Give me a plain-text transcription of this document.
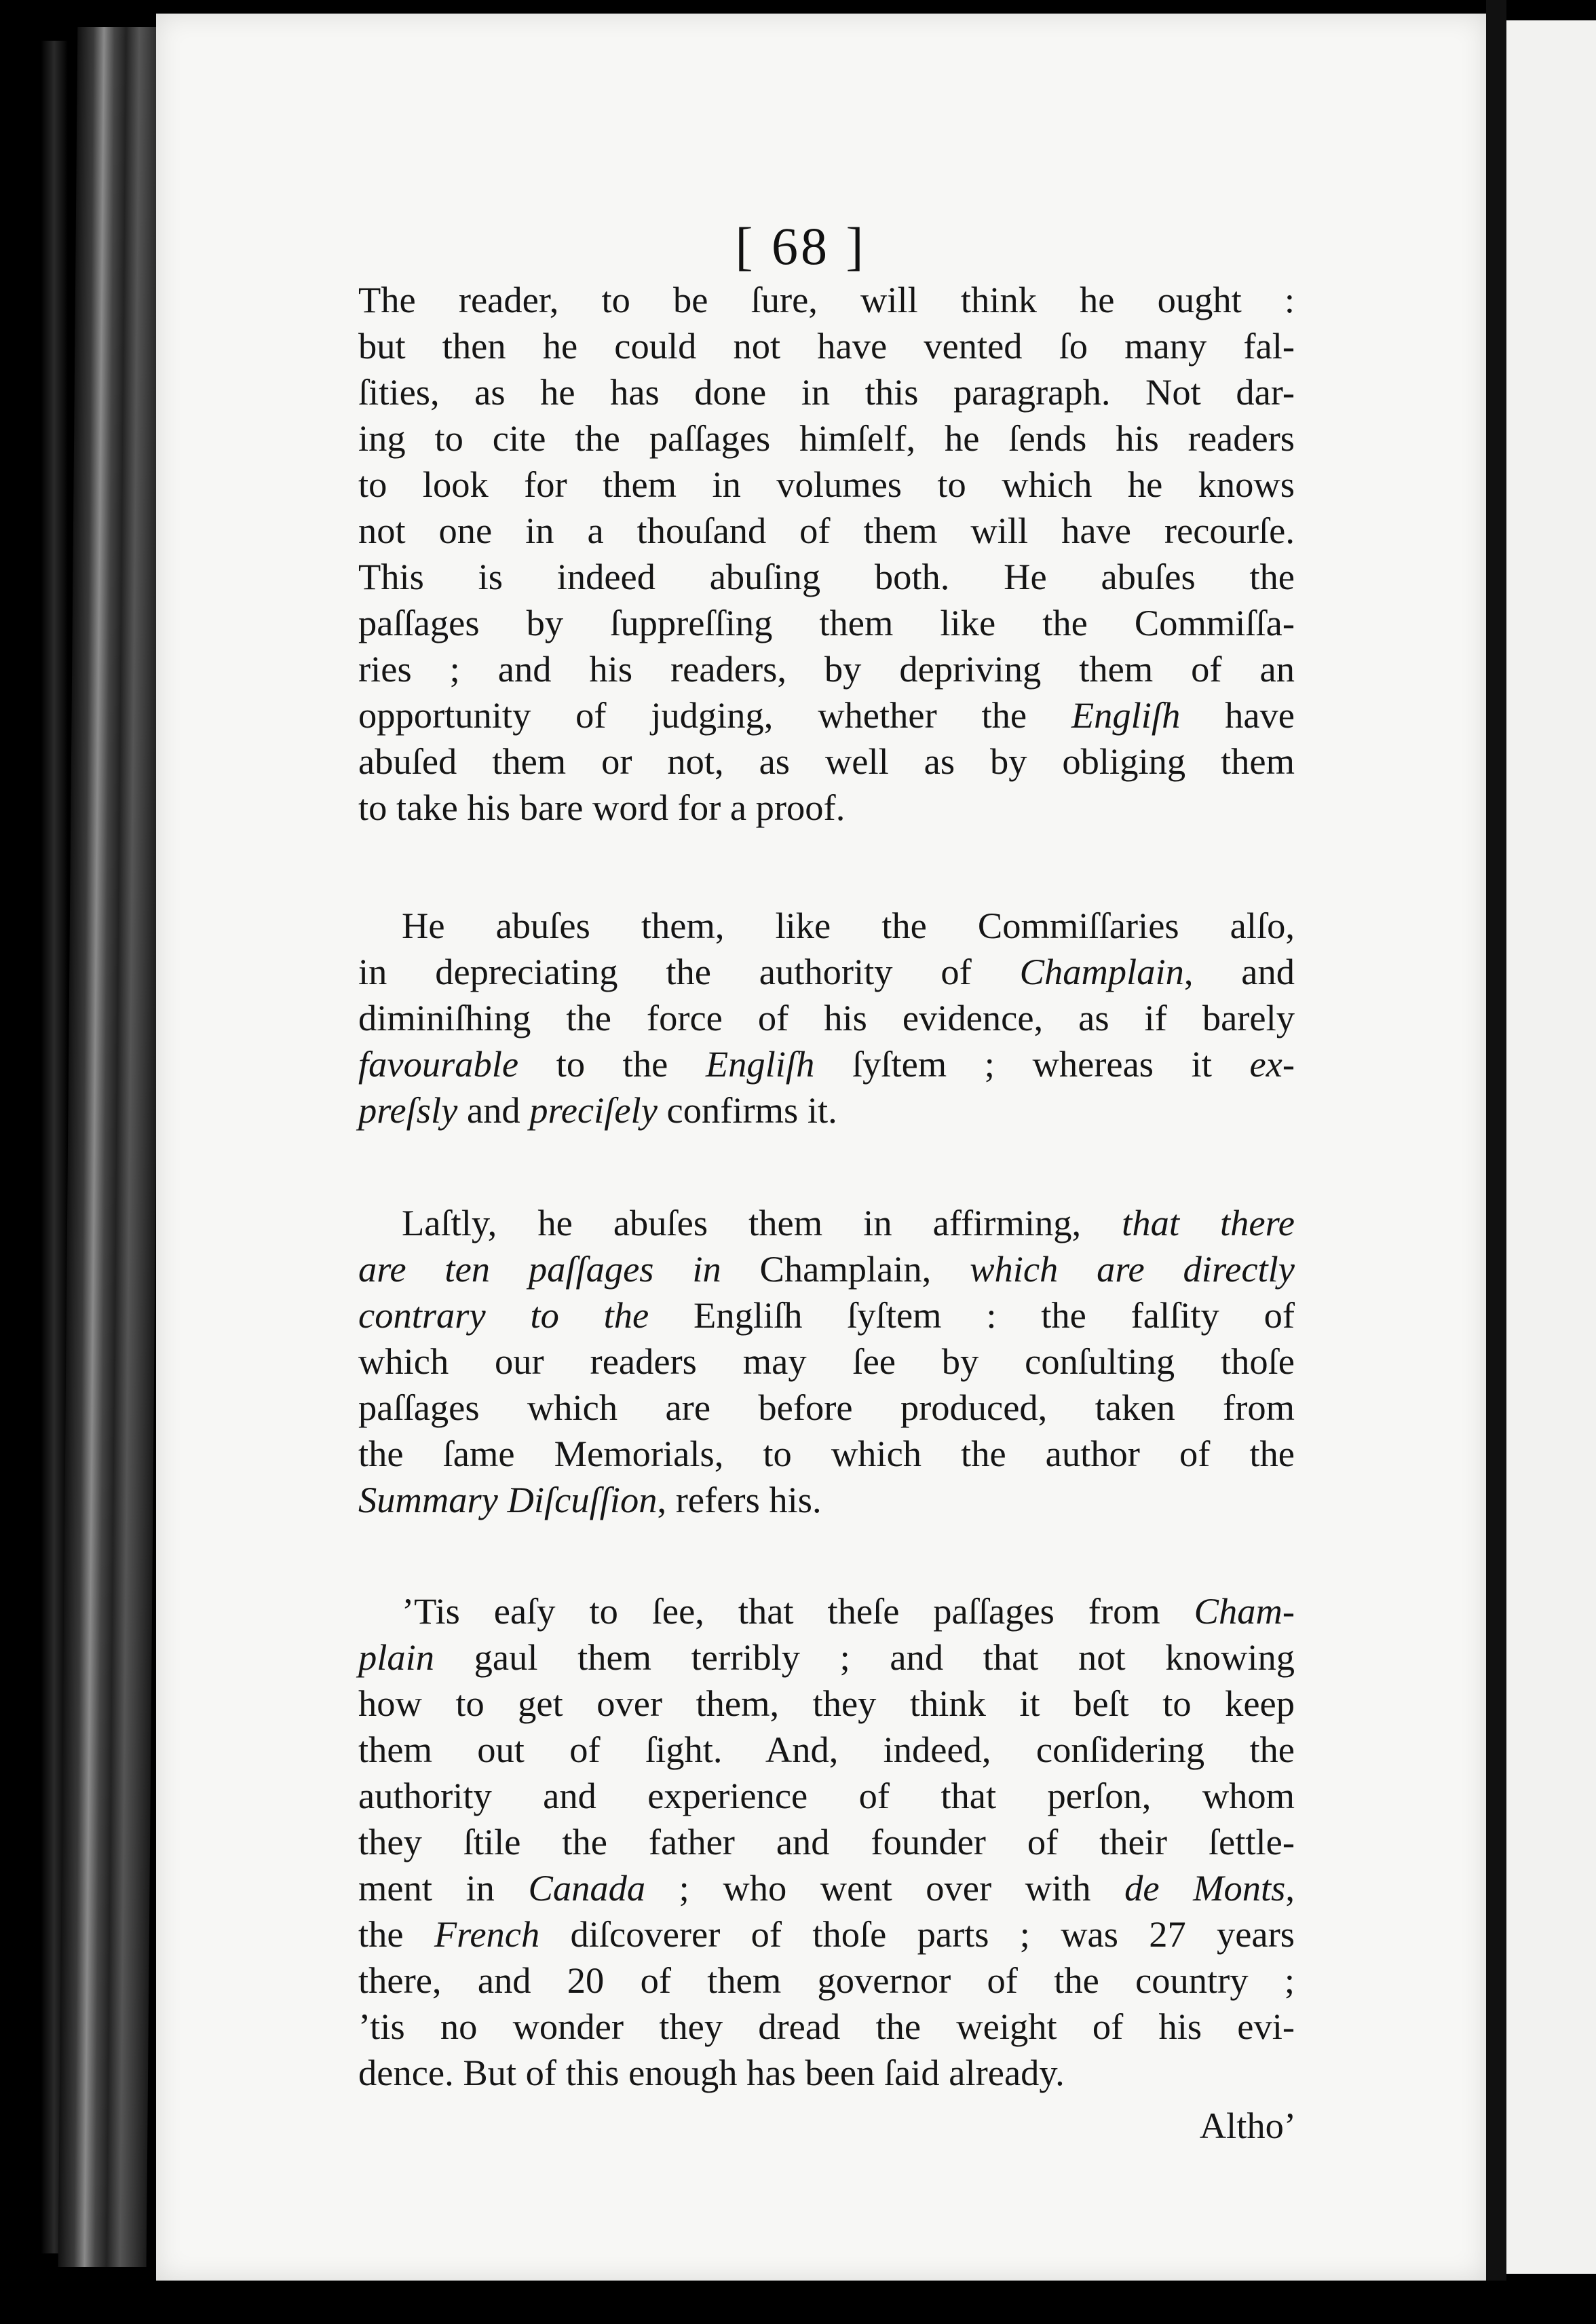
[ 68 ]
The reader, to be ſure, will think he ought :
but then he could not have vented ſo many fal-
ſities, as he has done in this paragraph. Not dar-
ing to cite the paſſages himſelf, he ſends his readers
to look for them in volumes to which he knows
not one in a thouſand of them will have recourſe.
This is indeed abuſing both. He abuſes the
paſſages by ſuppreſſing them like the Commiſſa-
ries ; and his readers, by depriving them of an
opportunity of judging, whether the Engliſh have
abuſed them or not, as well as by obliging them
to take his bare word for a proof.
He abuſes them, like the Commiſſaries alſo,
in depreciating the authority of Champlain, and
diminiſhing the force of his evidence, as if barely
favourable to the Engliſh ſyſtem ; whereas it ex-
preſsly and preciſely confirms it.
Laſtly, he abuſes them in affirming, that there
are ten paſſages in Champlain, which are directly
contrary to the Engliſh ſyſtem : the falſity of
which our readers may ſee by conſulting thoſe
paſſages which are before produced, taken from
the ſame Memorials, to which the author of the
Summary Diſcuſſion, refers his.
’Tis eaſy to ſee, that theſe paſſages from Cham-
plain gaul them terribly ; and that not knowing
how to get over them, they think it beſt to keep
them out of ſight. And, indeed, conſidering the
authority and experience of that perſon, whom
they ſtile the father and founder of their ſettle-
ment in Canada ; who went over with de Monts,
the French diſcoverer of thoſe parts ; was 27 years
there, and 20 of them governor of the country ;
’tis no wonder they dread the weight of his evi-
dence. But of this enough has been ſaid already.
Altho’
